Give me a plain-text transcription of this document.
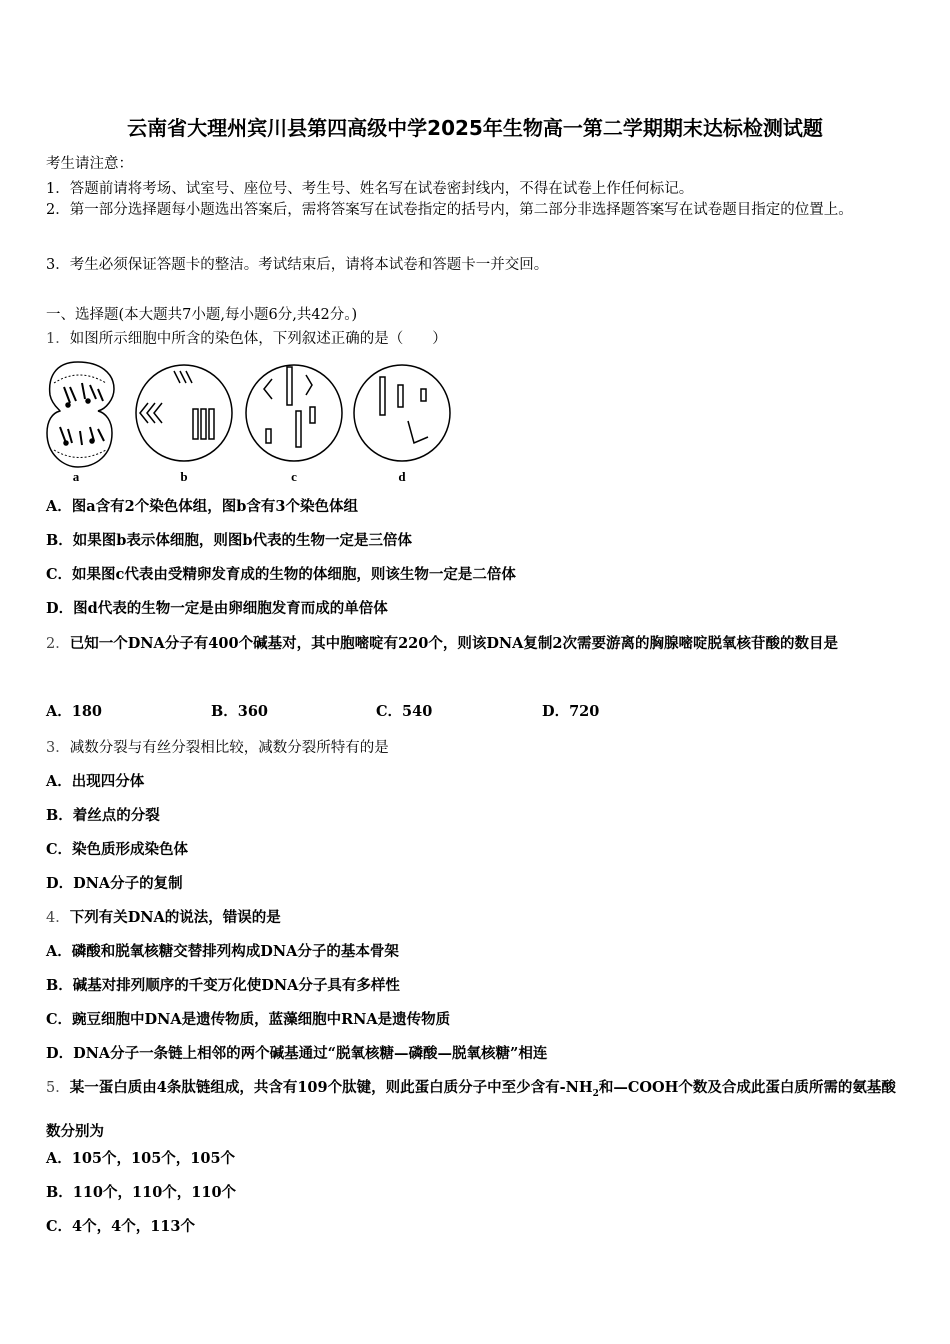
云南省大理州宾川县第四高级中学2025年生物高一第二学期期末达标检测试题
考生请注意：
1．答题前请将考场、试室号、座位号、考生号、姓名写在试卷密封线内，不得在试卷上作任何标记。
2．第一部分选择题每小题选出答案后，需将答案写在试卷指定的括号内，第二部分非选择题答案写在试卷题目指定的位置上。
3．考生必须保证答题卡的整洁。考试结束后，请将本试卷和答题卡一并交回。
一、选择题(本大题共7小题,每小题6分,共42分。)
1．如图所示细胞中所含的染色体，下列叙述正确的是（　　）
a	b	c	d
A．图a含有2个染色体组，图b含有3个染色体组
B．如果图b表示体细胞，则图b代表的生物一定是三倍体
C．如果图c代表由受精卵发育成的生物的体细胞，则该生物一定是二倍体
D．图d代表的生物一定是由卵细胞发育而成的单倍体
2．已知一个DNA分子有400个碱基对，其中胞嘧啶有220个，则该DNA复制2次需要游离的胸腺嘧啶脱氧核苷酸的数目是
A．180	B．360	C．540	D．720
3．减数分裂与有丝分裂相比较，减数分裂所特有的是
A．出现四分体
B．着丝点的分裂
C．染色质形成染色体
D．DNA分子的复制
4．下列有关DNA的说法，错误的是
A．磷酸和脱氧核糖交替排列构成DNA分子的基本骨架
B．碱基对排列顺序的千变万化使DNA分子具有多样性
C．豌豆细胞中DNA是遗传物质，蓝藻细胞中RNA是遗传物质
D．DNA分子一条链上相邻的两个碱基通过“脱氧核糖—磷酸—脱氧核糖”相连
5．某一蛋白质由4条肽链组成，共含有109个肽键，则此蛋白质分子中至少含有$-NH_2$和—COOH个数及合成此蛋白质所需的氨基酸数分别为
A．105个，105个，105个
B．110个，110个，110个
C．4个，4个，113个
